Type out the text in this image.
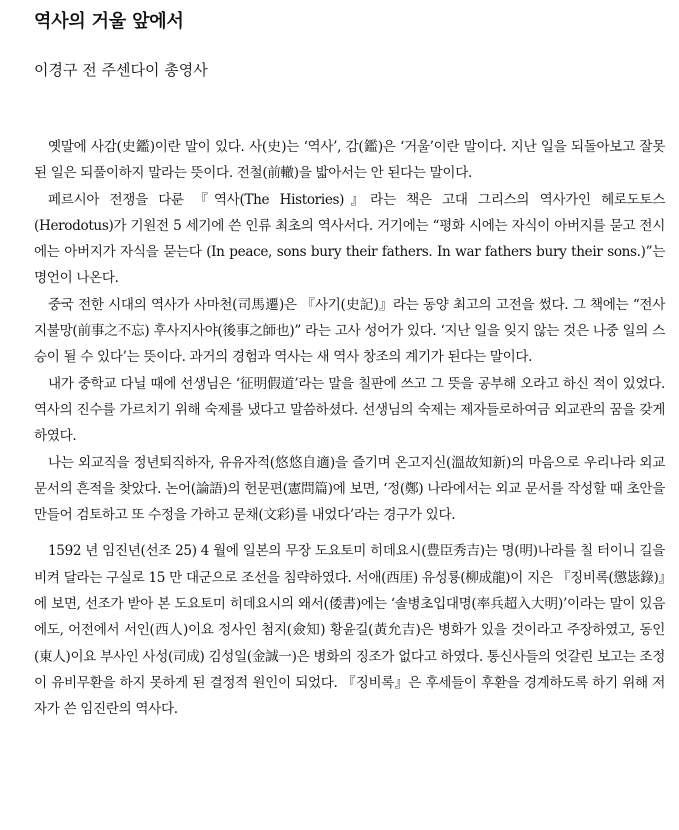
역사의 거울 앞에서
이경구 전 주센다이 총영사

옛말에 사감(史鑑)이란 말이 있다. 사(史)는 ‘역사’, 감(鑑)은 ‘거울’이란 말이다. 지난 일을 되돌아보고 잘못된 일은 되풀이하지 말라는 뜻이다. 전철(前轍)을 밟아서는 안 된다는 말이다.

페르시아 전쟁을 다룬 『역사(The Histories)』라는 책은 고대 그리스의 역사가인 헤로도토스(Herodotus)가 기원전 5 세기에 쓴 인류 최초의 역사서다. 거기에는 “평화 시에는 자식이 아버지를 묻고 전시에는 아버지가 자식을 묻는다 (In peace, sons bury their fathers. In war fathers bury their sons.)”는 명언이 나온다.

중국 전한 시대의 역사가 사마천(司馬遷)은 『사기(史記)』라는 동양 최고의 고전을 썼다. 그 책에는 “전사지불망(前事之不忘) 후사지사야(後事之師也)” 라는 고사 성어가 있다. ‘지난 일을 잊지 않는 것은 나중 일의 스승이 될 수 있다’는 뜻이다. 과거의 경험과 역사는 새 역사 창조의 계기가 된다는 말이다.

내가 중학교 다닐 때에 선생님은 ‘征明假道’라는 말을 칠판에 쓰고 그 뜻을 공부해 오라고 하신 적이 있었다. 역사의 진수를 가르치기 위해 숙제를 냈다고 말씀하셨다. 선생님의 숙제는 제자들로하여금 외교관의 꿈을 갖게 하였다.

나는 외교직을 정년퇴직하자, 유유자적(悠悠自適)을 즐기며 온고지신(溫故知新)의 마음으로 우리나라 외교 문서의 흔적을 찾았다. 논어(論語)의 헌문편(憲問篇)에 보면, ‘정(鄭) 나라에서는 외교 문서를 작성할 때 초안을 만들어 검토하고 또 수정을 가하고 문채(文彩)를 내었다’라는 경구가 있다.

1592 년 임진년(선조 25) 4 월에 일본의 무장 도요토미 히데요시(豊臣秀吉)는 명(明)나라를 칠 터이니 길을 비켜 달라는 구실로 15 만 대군으로 조선을 침략하였다. 서애(西厓) 유성룡(柳成龍)이 지은 『징비록(懲毖錄)』에 보면, 선조가 받아 본 도요토미 히데요시의 왜서(倭書)에는 ‘솔병초입대명(率兵超入大明)’이라는 말이 있음에도, 어전에서 서인(西人)이요 정사인 첨지(僉知) 황윤길(黃允吉)은 병화가 있을 것이라고 주장하였고, 동인(東人)이요 부사인 사성(司成) 김성일(金誠一)은 병화의 징조가 없다고 하였다. 통신사들의 엇갈린 보고는 조정이 유비무환을 하지 못하게 된 결정적 원인이 되었다. 『징비록』은 후세들이 후환을 경계하도록 하기 위해 저자가 쓴 임진란의 역사다.
